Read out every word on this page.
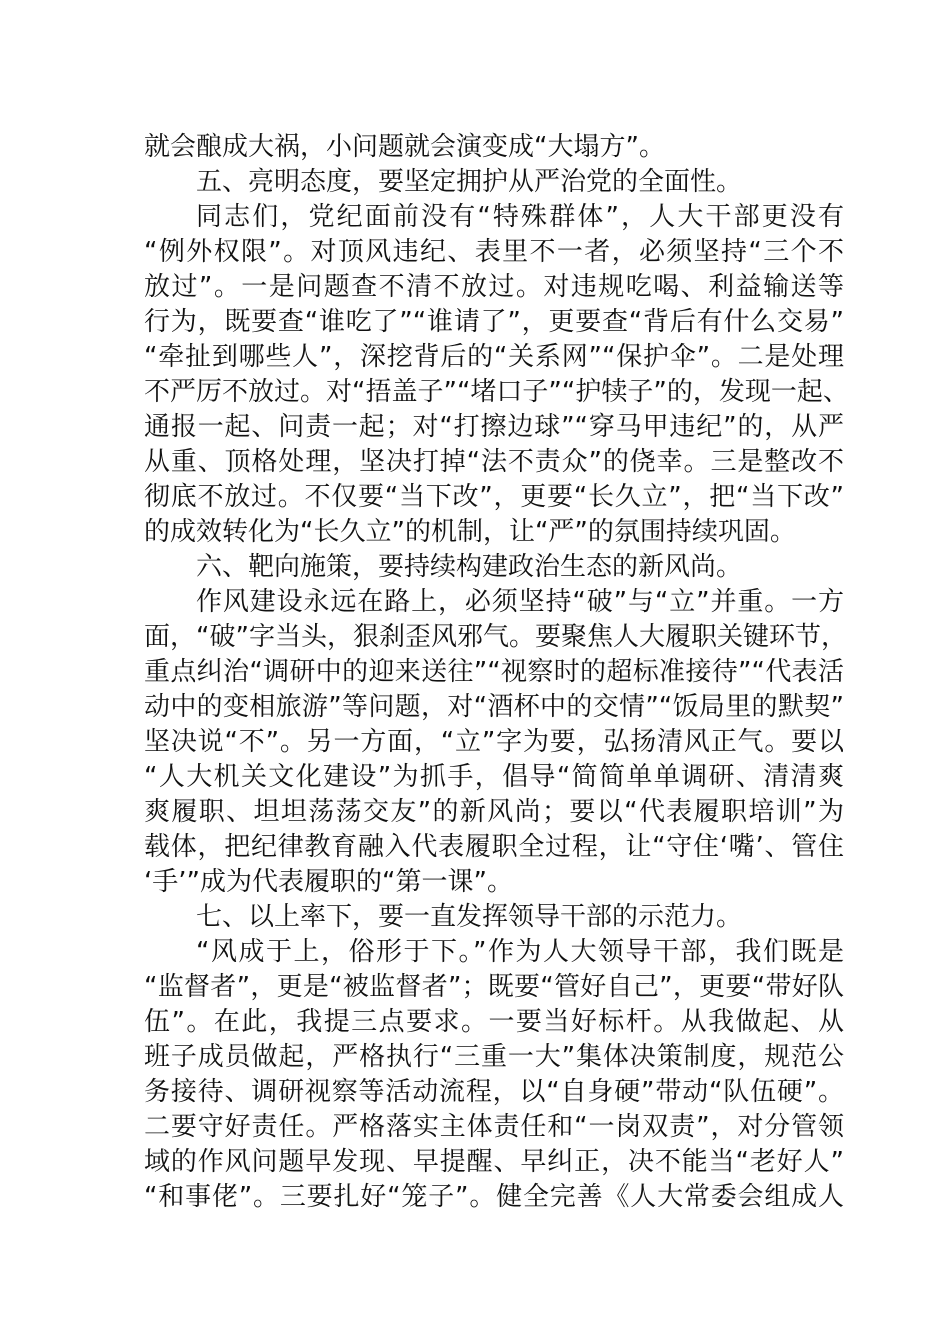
就会酿成大祸，小问题就会演变成“大塌方”。
五、亮明态度，要坚定拥护从严治党的全面性。
同志们，党纪面前没有“特殊群体”，人大干部更没有
“例外权限”。对顶风违纪、表里不一者，必须坚持“三个不
放过”。一是问题查不清不放过。对违规吃喝、利益输送等
行为，既要查“谁吃了”“谁请了”，更要查“背后有什么交易”
“牵扯到哪些人”，深挖背后的“关系网”“保护伞”。二是处理
不严厉不放过。对“捂盖子”“堵口子”“护犊子”的，发现一起、
通报一起、问责一起；对“打擦边球”“穿马甲违纪”的，从严
从重、顶格处理，坚决打掉“法不责众”的侥幸。三是整改不
彻底不放过。不仅要“当下改”，更要“长久立”，把“当下改”
的成效转化为“长久立”的机制，让“严”的氛围持续巩固。
六、靶向施策，要持续构建政治生态的新风尚。
作风建设永远在路上，必须坚持“破”与“立”并重。一方
面，“破”字当头，狠刹歪风邪气。要聚焦人大履职关键环节，
重点纠治“调研中的迎来送往”“视察时的超标准接待”“代表活
动中的变相旅游”等问题，对“酒杯中的交情”“饭局里的默契”
坚决说“不”。另一方面，“立”字为要，弘扬清风正气。要以
“人大机关文化建设”为抓手，倡导“简简单单调研、清清爽
爽履职、坦坦荡荡交友”的新风尚；要以“代表履职培训”为
载体，把纪律教育融入代表履职全过程，让“守住‘嘴’、管住
‘手’”成为代表履职的“第一课”。
七、以上率下，要一直发挥领导干部的示范力。
“风成于上，俗形于下。”作为人大领导干部，我们既是
“监督者”，更是“被监督者”；既要“管好自己”，更要“带好队
伍”。在此，我提三点要求。一要当好标杆。从我做起、从
班子成员做起，严格执行“三重一大”集体决策制度，规范公
务接待、调研视察等活动流程，以“自身硬”带动“队伍硬”。
二要守好责任。严格落实主体责任和“一岗双责”，对分管领
域的作风问题早发现、早提醒、早纠正，决不能当“老好人”
“和事佬”。三要扎好“笼子”。健全完善《人大常委会组成人
